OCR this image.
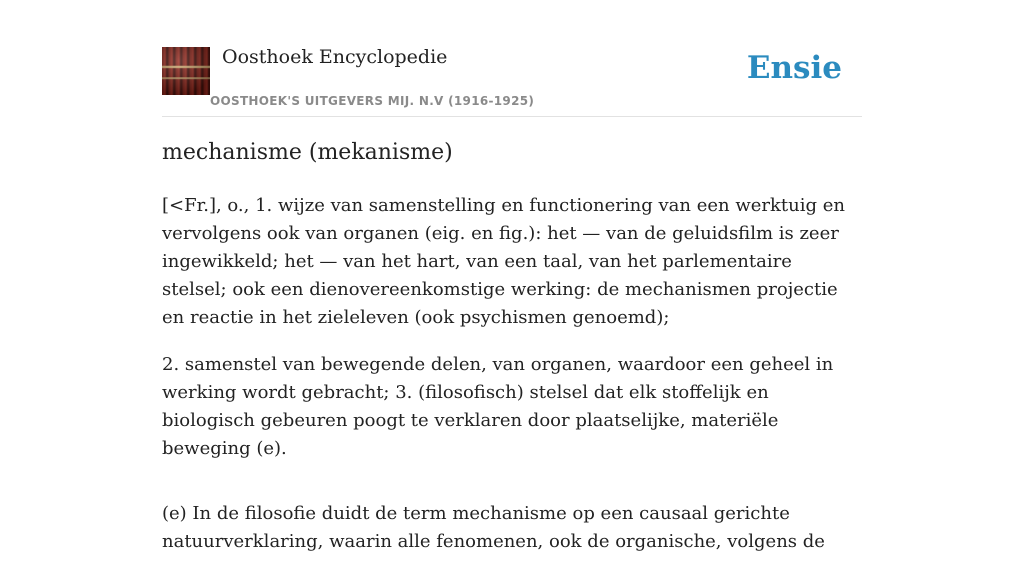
Oosthoek Encyclopedie
OOSTHOEK'S UITGEVERS MIJ. N.V (1916-1925)
Ensie
mechanisme (mekanisme)

[<Fr.], o., 1. wijze van samenstelling en functionering van een werktuig en vervolgens ook van organen (eig. en fig.): het — van de geluidsfilm is zeer ingewikkeld; het — van het hart, van een taal, van het parlementaire stelsel; ook een dienovereenkomstige werking: de mechanismen projectie en reactie in het zieleleven (ook psychismen genoemd);

2. samenstel van bewegende delen, van organen, waardoor een geheel in werking wordt gebracht; 3. (filosofisch) stelsel dat elk stoffelijk en biologisch gebeuren poogt te verklaren door plaatselijke, materiële beweging (e).

(e) In de filosofie duidt de term mechanisme op een causaal gerichte natuurverklaring, waarin alle fenomenen, ook de organische, volgens de
